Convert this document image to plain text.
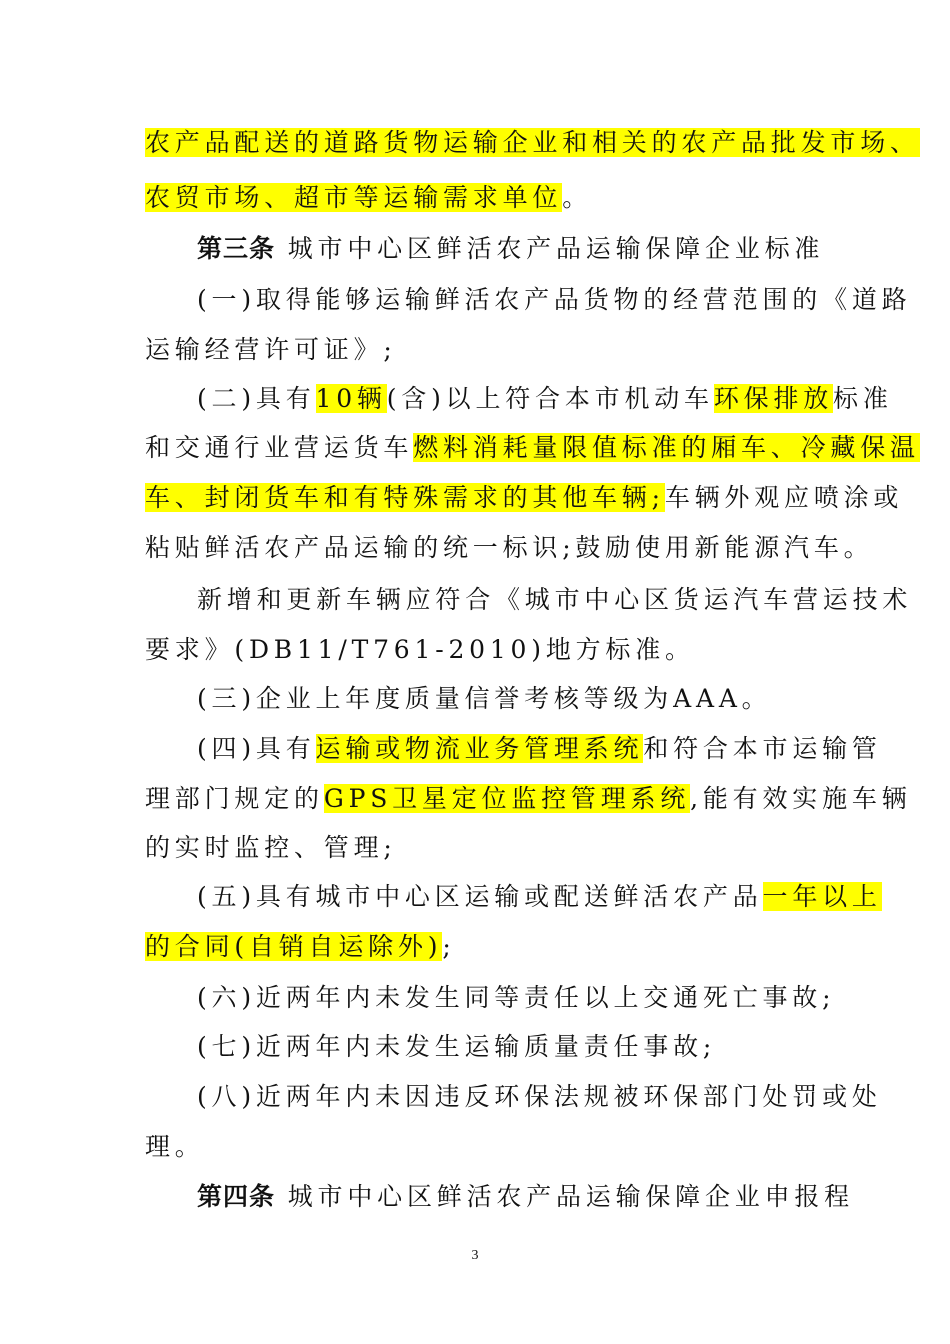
农产品配送的道路货物运输企业和相关的农产品批发市场、

农贸市场、超市等运输需求单位。

第三条 城市中心区鲜活农产品运输保障企业标准

(一)取得能够运输鲜活农产品货物的经营范围的《道路

运输经营许可证》;

(二)具有10辆(含)以上符合本市机动车环保排放标准

和交通行业营运货车燃料消耗量限值标准的厢车、冷藏保温

车、封闭货车和有特殊需求的其他车辆;车辆外观应喷涂或

粘贴鲜活农产品运输的统一标识;鼓励使用新能源汽车。

新增和更新车辆应符合《城市中心区货运汽车营运技术

要求》(DB11/T761-2010)地方标准。

(三)企业上年度质量信誉考核等级为AAA。

(四)具有运输或物流业务管理系统和符合本市运输管

理部门规定的GPS卫星定位监控管理系统,能有效实施车辆

的实时监控、管理;

(五)具有城市中心区运输或配送鲜活农产品一年以上

的合同(自销自运除外);

(六)近两年内未发生同等责任以上交通死亡事故;

(七)近两年内未发生运输质量责任事故;

(八)近两年内未因违反环保法规被环保部门处罚或处

理。

第四条 城市中心区鲜活农产品运输保障企业申报程

3
